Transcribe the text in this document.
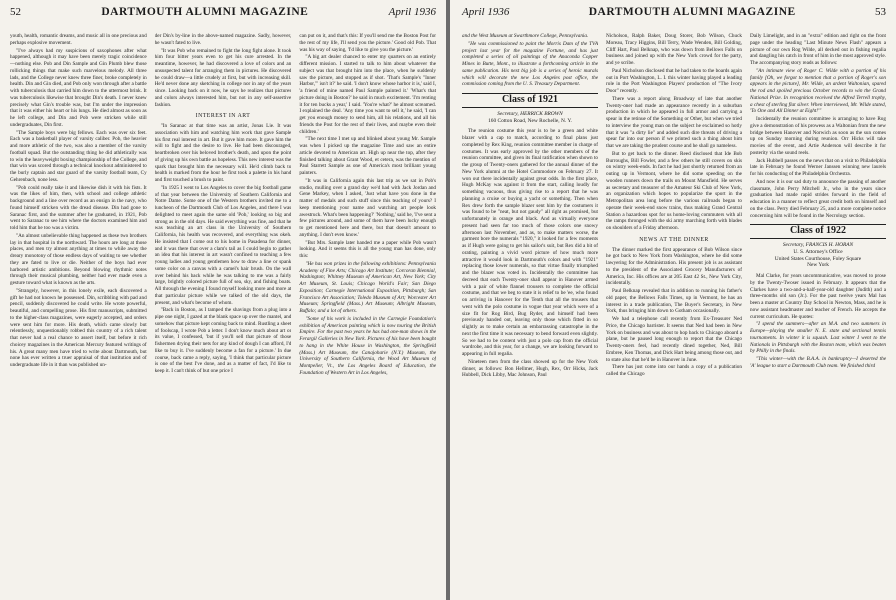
52	DARTMOUTH ALUMNI MAGAZINE	April 1936

youth, health, romantic dreams, and music all in one precious and perhaps explosive movement.

"I've always had my suspicions of saxophones after what happened, although it may have been merely tragic coincidence—nothing else. Pob and Din Sample and Gin Plumb blew those rollicking things that make such marvelous melody. All three lads, and the College never knew three finer, broke completely in health. Din and Gin died, and Pob only won through after a battle with tuberculosis that carried him down to the uttermost brink. It was tuberculosis likewise that brought Din's death. I never knew precisely what Gin's trouble was, but I'm under the impression that it was either his heart or his lungs. He died almost as soon as he left college, and Din and Pob were stricken while still undergraduates, Din first.

"The Sample boys were big fellows. Each was over six feet. Each was a basketball player of varsity caliber. Pob, the heavier and more athletic of the two, was also a member of the varsity football squad. But the outstanding thing he did athletically was to win the heavyweight boxing championship of the College, and that win was scored through a technical knockout administered to the burly captain and star guard of the varsity football team, Cy Gehrenbach, none less.

"Pob could really take it and likewise dish it with his fists. It was the likes of him, then, with school and college athletic background and a line over record as an ensign in the navy, who found himself stricken with the dread disease. Din had gone to Saranac first, and the summer after he graduated, in 1921, Pob went to Saranac to see him where the doctors examined him and told him that he too was a victim.

"An almost unbelievable thing happened as these two brothers lay in that hospital in the northward. The hours are long at those places, and men try almost anything at times to while away the dreary monotony of those endless days of waiting to see whether they are fated to live or die. Neither of the boys had ever harbored artistic ambitions. Beyond blowing rhythmic notes through their musical plumbing, neither had ever made even a gesture toward what is known as the arts.

"Strangely, however, in this lonely exile, each discovered a gift he had not known he possessed. Din, scribbling with pad and pencil, suddenly discovered he could write. He wrote powerful, beautiful, and compelling prose. His first manuscripts, submitted to the higher-class magazines, were eagerly accepted, and orders were sent him for more. His death, which came slowly but relentlessly, unquestionably robbed this country of a rich talent that never had a real chance to assert itself, but before it rich choicey magazines in the American Mercury featured writings of his. A great many men have tried to write about Dartmouth, but none has ever written a truer appraisal of that institution and of undergraduate life in it than was published un-

der Din's by-line in the above-named magazine. Sadly, however, he wasn't fated to live.

"It was Pob who remained to fight the long fight alone. It took him four bitter years even to get his cure arrested. In the meantime, however, he had discovered a love of colors and an unsuspected talent for arranging them in pictures. He discovered he could draw—a little crudely at first, but with increasing skill. He'd never done any sketching in college nor in any of the years since. Looking back on it now, he says he realizes that pictures and colors always interested him, but not in any self-assertive fashion.

INTEREST IN ART

"In Saranac at that time was an artist, Jonas Lie. It was association with him and watching him work that gave Sample his first real interest in art. But it gave him more. It gave him the will to fight and the desire to live. He had been discouraged, heartbroken over his beloved brother's death, and upon the point of giving up his own battle as hopeless. This new interest was the spark that brought him the necessary will. He'd climb back to health is marked from the hour he first took a palette in his hand and first touched a brush to paint.

"In 1925 I went to Los Angeles to cover the big football game of that year between the University of Southern California and Notre Dame. Some one of the Western brothers invited me to a luncheon of the Dartmouth Club of Los Angeles, and there I was delighted to meet again the same old 'Pob,' looking so big and strong as in the old days. He said everything was fine, and that he was teaching an art class in the University of Southern California, his health was recovered, and everything was okeh. He insisted that I come out to his home in Pasadena for dinner, and it was there that over a clam's tail as I could begin to gather an idea that his interest in art wasn't confined to teaching a few young ladies and young gentlemen how to draw a line or spank some color on a canvas with a camel's hair brush. On the wall over behind his back while he was talking to me was a fairly large, brightly colored picture full of sea, sky, and fishing boats. All through the evening I found myself looking more and more at that particular picture while we talked of the old days, the present, and what's become of whom.

"Back in Boston, as I tamped the shavings from a plug into a pipe one night, I gazed at the blank space up over the mantel, and somehow that picture kept coming back to mind. Rustling a sheet of foolscap, I wrote Pob a letter. I don't know much about art or its value, I confessed, 'but if you'll sell that picture of those fishermen drying their nets for any kind of dough I can afford, I'd like to buy it. I've suddenly become a fan for a picture.' In due course, back came a reply, saying, 'I think that particular picture is one of the best I've done, and as a matter of fact, I'd like to keep it. I can't think of but one price I

can put on it, and that's this: If you'll send me the Boston Post for the rest of my life, I'll send you the picture.' Good old Pob. That was his way of saying, 'I'd like to give you the picture.'

"A big art dealer chanced to enter my quarters on an entirely different mission. I started to talk to him about whatever the subject was that brought him into the place, when he suddenly saw the picture, and stopped as if shot. 'That's Sample's "Inner Harbor,"' isn't it?' he said. 'I don't know whose harbor it is,' said I, 'a friend of mine named Paul Sample painted it.' 'What's that picture doing in Boston?' he said in much excitement. 'I'm renting it for ten bucks a year,' I said. 'You're what?' he almost screamed. I explained the deal. 'Any time you want to sell it,' he said, 'I can get you enough money to send him, all his relations, and all his friends the Post for the rest of their lives, and maybe even their children.'

"The next time I met up and blinked about young Mr. Sample was when I picked up the magazine Time and saw an entire article devoted to American art. High up near the top, after they finished talking about Grant Wood, et cetera, was the mention of Paul Starrett Sample as one of America's most brilliant young painters.

"It was in California again this last trip as we sat in Pob's studio, mulling over a grand day we'd had with Jack Jordan and Gene Markey, when I asked, 'Just what have you done in the matter of medals and such stuff since this teaching of yours? I keep mentioning your name and watching art people look awestruck. What's been happening?' 'Nothing,' said he, 'I've sent a few pictures around, and some of them have been lucky enough to get mentioned here and there, but that doesn't amount to anything. I don't even know.'

"But Mrs. Sample later handed me a paper while Pob wasn't looking. And it seems this is all the young man has done, only this:

"He has won prizes in the following exhibitions: Pennsylvania Academy of Fine Arts; Chicago Art Institute; Corcoran Biennial, Washington; Whitney Museum of American Art, New York; City Art Museum, St. Louis; Chicago World's Fair; San Diego Exposition; Carnegie International Exposition, Pittsburgh; San Francisco Art Association; Toledo Museum of Art; Worcester Art Museum; Springfield (Mass.) Art Museum; Albright Museum, Buffalo; and a lot of others.

"Some of his work is included in the Carnegie Foundation's exhibition of American painting which is now touring the British Empire. For the past two years he has had one-man shows in the Ferargil Galleries in New York. Pictures of his have been bought to hang in the White House in Washington, the Springfield (Mass.) Art Museum, the Canajoharie (N.Y.) Museum, the University of Southern California, the Wood Art Museum of Montpelier, Vt., the Los Angeles Board of Education, the Foundation of Western Art in Los Angeles,

April 1936	DARTMOUTH ALUMNI MAGAZINE	53

and the West Museum at Swarthmore College, Pennsylvania.

"He was commissioned to paint the Morris Dam of the TVA project last year for the magazine Fortune, and has just completed a series of oil paintings of the Anaconda Copper Mines in Butte, Mont., to illustrate a forthcoming article in the same publication. His next big job is a series of heroic murals which will decorate the new Los Angeles post office, the commission coming from the U. S. Treasury Department.

Class of 1921
Secretary, HERRICK BROWN
160 Cotton Road, New Rochelle, N. Y.

The reunion costume this year is to be a green and white blazer with a cap to match, according to final plans just completed by Rex King, reunion committee member in charge of costumes. It was early approved by the other members of the reunion committee, and given its final ratification when shown to the group of Twenty-oners gathered for the annual dinner of the New York alumni at the Hotel Commodore on February 27. It won out there incidentally against great odds. In the first place, Hugh McKay was against it from the start, calling loudly for something vacuous, thus giving rise to a report that he was planning a cruise or buying a yacht or something. Then when Rex drew forth the sample blazer sent him by the costumers it was found to be "neat, but not gaudy" all right as promised, but unfortunately in orange and black. And as virtually everyone present had seen far too much of those colors one snowy afternoon last November, and as, to make matters worse, the garment bore the numerals "1920," it looked for a few moments as if Hugh were going to get his sailor's suit, but Rex did a bit of orating, painting a vivid word picture of how much more attractive it would look in Dartmouth's colors and with "1921" replacing those lower numerals, so that virtue finally triumphed and the blazer was voted in. Incidentally the committee has decreed that each Twenty-oner shall appear in Hanover armed with a pair of white flannel trousers to complete the official costume, and that we beg to state it is relief to be 'ee, who found on arriving in Hanover for the Tenth that all the trousers that went with the polo costume in vogue that year which were of a size fit for Rog Bird, Bug Ryder, and himself had been previously handed out, leaving only those which fitted in so slightly as to make certain an embarrassing catastrophe in the next the first time it was necessary to bend forward even slightly. So we had to be content with just a polo cap from the official wardrobe, and this year, for a change, we are looking forward to appearing in full regalia.

Nineteen men from the class showed up for the New York dinner, as follows: Bon Hellmer, Hugh, Rex, Orr Hicks, Jack Hubbell, Dick Libby, Mac Johnson, Paul

Nicholson, Ralph Baker, Doug Storer, Bob Wilson, Chuck Moreau, Tracy Higgins, Bill Terry, Wade Wenden, Bill Golding, Cliff Hart, Paul Belknap, who was down from Bellows Falls on business and joined up with the New York crowd for the party, and ye scribe.

Paul Nicholson disclosed that he had taken to the boards again out in Port Washington, L. I. this winter having played a leading role in the Port Washington Players' production of "The Ivory Door" recently.

There was a report along Broadway of late that another Twenty-oner had made an appearance recently in a suburban production in which he appeared in full armor and carrying a spear in the retinue of the Something or Other, but when we tried to interview the young man on the subject he exclaimed so hotly that it was "a dirty lie" and added such dire threats of driving a spear far into our person if we printed such a thing about him that we are taking the prudent course and he shall go nameless.

But to get back to the dinner. Reed disclosed that Ide Bob Burroughs, Bill Fowler, and a few others he still covers on skis on wintry week-ends. In fact he had just shortly returned from an outing up in Vermont, where he did some speeding on the wooden runners down the trails on Mount Mansfield. He serves as secretary and treasurer of the Amateur Ski Club of New York, an organization which hopes to popularize the sport in the Metropolitan area long before the various railroads began to operate their week-end snow trains, thus making Grand Central Station a hazardous spot for us home-loving commuters with all the ramps thronged with the ski army marching forth with blades on shoulders of a Friday afternoon.

NEWS AT THE DINNER

The dinner marked the first appearance of Bob Wilson since he got back to New York from Washington, where he did some lawyering for the Administration. His present job is as assistant to the president of the Associated Grocery Manufacturers of America, Inc. His offices are at 205 East 42 St., New York City, incidentally.

Paul Belknap revealed that in addition to running his father's old paper, the Bellows Falls Times, up in Vermont, he has an interest in a trade publication, The Buyer's Secretary, in New York, thus bringing him down to Gotham occasionally.

We had a telephone call recently from Ex-Treasurer Ned Price, the Chicago barrister. It seems that Ned had been in New York on business and was about to hop back to Chicago aboard a plane, but he paused long enough to report that the Chicago Twenty-oners feel, had recently dined together, Ned, Bill Embree, Ken Thomas, and Dick Hart being among those out, and to state also that he'd be in Hanover in June.

There has just come into our hands a copy of a publication called the Chicago

Daily Limelight, and in an "extra" edition and right on the front page under the heading "Last Minute News Flash" appears a picture of our own Rog Wilde, all decked out in fishing regalia and dangling his catch in front of him in the most approved style. The accompanying story reads as follows:

"An intimate view of Roger C. Wilde with a portion of his family [Oh, we forgot to mention that a portion of Roger's son appears in the picture], Mr. Wilde, an ardent Waltonian, spared the rod and spoiled precious October records to win the Grand National Prize. In recognition received the Alfred Terrell trophy, a chest of sterling flat silver. When interviewed, Mr. Wilde stated, 'To One and All Dinner at Eight!'"

Incidentally the reunion committee is arranging to have Rog give a demonstration of his prowess as a Waltonian from the new bridge between Hanover and Norwich as soon as the sun comes up on Sunday morning during reunion. Orr Hicks will take movies of the event, and Artie Anderson will describe it for posterity via the sound reels.

Jack Hubbell passes on the news that on a visit to Philadelphia late in February he found Werner Janssen winning new laurels for his conducting of the Philadelphia Orchestra.

And now it is our sad duty to announce the passing of another classmate, John Perry Mitchell Jr., who in the years since graduation had made rapid strides forward in the field of education in a manner to reflect great credit both on himself and on the class. Perry died February 25, and a more complete notice concerning him will be found in the Necrology section.

Class of 1922
Secretary, FRANCIS H. HORAN
U. S. Attorney's Office
United States Courthouse, Foley Square
New York

Mal Clarke, for years uncommunicative, was moved to prose by the Twenty-Twoser issued in February. It appears that the Clarkes have a two-and-a-half-year-old daughter (Judith) and a three-months old son (Jr.). For the past twelve years Mal has been a master at Country Day School in Newton, Mass, and he is now assistant headmaster and teacher of French. He accepts the current curriculum. He quotes:

"I spend the summers—after an M.A. and two summers in Europe—playing the smaller N. E. state and sectional tennis tournaments. In winter it is squash. Last winter I went to the Nationals in Pittsburgh with the Boston team, which was beaten by Philly in the finals.

"This winter—with the B.A.A. in bankruptcy—I deserted the 'A' league to start a Dartmouth Club team. We finished third
